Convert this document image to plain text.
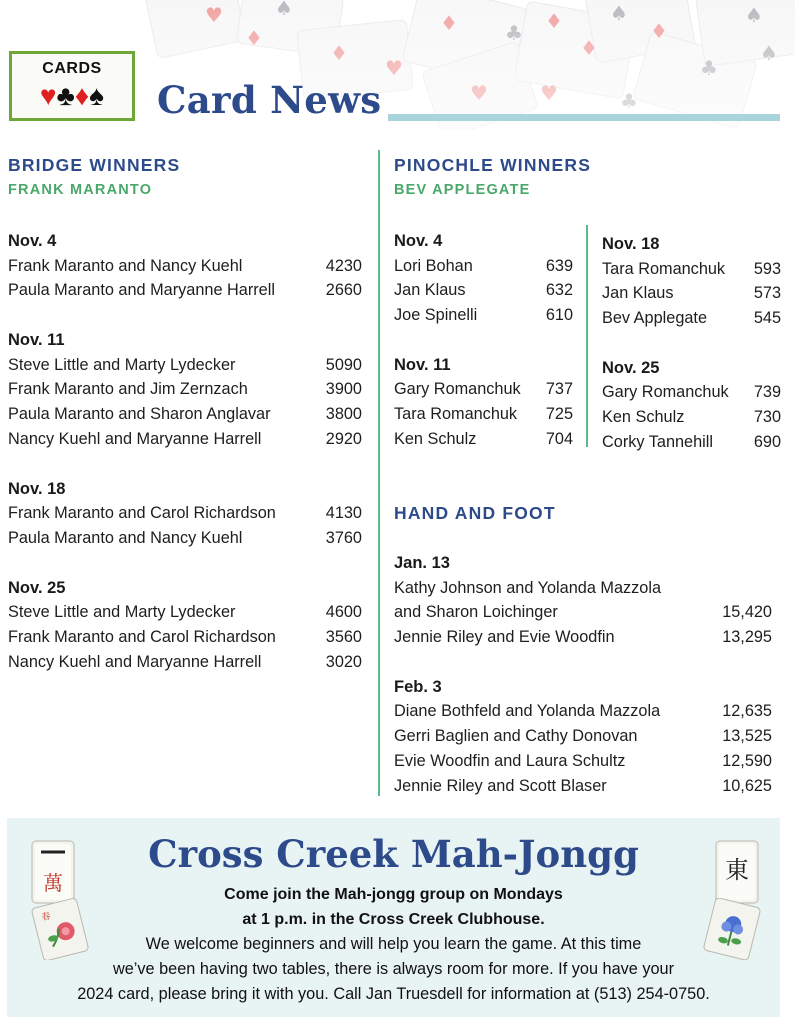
CARDS
♥♣♦♠	Card News
BRIDGE WINNERS
FRANK MARANTO
Nov. 4
Frank Maranto and Nancy Kuehl	4230
Paula Maranto and Maryanne Harrell	2660
Nov. 11
Steve Little and Marty Lydecker	5090
Frank Maranto and Jim Zernzach	3900
Paula Maranto and Sharon Anglavar	3800
Nancy Kuehl and Maryanne Harrell	2920
Nov. 18
Frank Maranto and Carol Richardson	4130
Paula Maranto and Nancy Kuehl	3760
Nov. 25
Steve Little and Marty Lydecker	4600
Frank Maranto and Carol Richardson	3560
Nancy Kuehl and Maryanne Harrell	3020
PINOCHLE WINNERS
BEV APPLEGATE
Nov. 4
Lori Bohan	639
Jan Klaus	632
Joe Spinelli	610
Nov. 11
Gary Romanchuk 737
Tara Romanchuk 725
Ken Schulz	704
Nov. 18
Tara Romanchuk 593
Jan Klaus	573
Bev Applegate	545
Nov. 25
Gary Romanchuk 739
Ken Schulz	730
Corky Tannehill	690
HAND AND FOOT
Jan. 13
Kathy Johnson and Yolanda Mazzola
and Sharon Loichinger	15,420
Jennie Riley and Evie Woodfin	13,295
Feb. 3
Diane Bothfeld and Yolanda Mazzola	12,635
Gerri Baglien and Cathy Donovan	13,525
Evie Woodfin and Laura Schultz	12,590
Jennie Riley and Scott Blaser	10,625
Cross Creek Mah-Jongg
Come join the Mah-jongg group on Mondays
at 1 p.m. in the Cross Creek Clubhouse.
We welcome beginners and will help you learn the game. At this time
we’ve been having two tables, there is always room for more. If you have your
2024 card, please bring it with you. Call Jan Truesdell for information at (513) 254-0750.
萬
春
東
